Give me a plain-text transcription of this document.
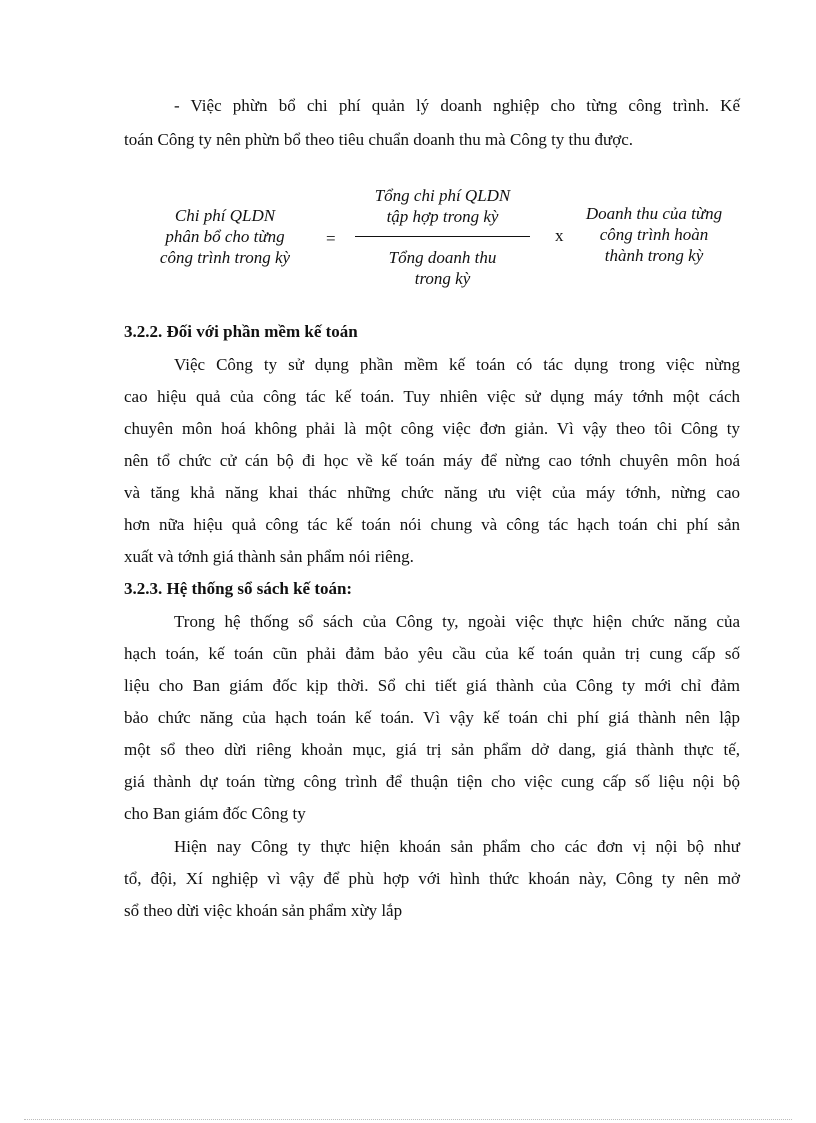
- Việc phừn bổ chi phí quản lý doanh nghiệp cho từng công trình. Kế
toán Công ty nên phừn bổ theo tiêu chuẩn doanh thu mà Công ty thu được.
Chi phí QLDN
phân bổ cho từng
công trình trong kỳ
=
Tổng chi phí QLDN
tập hợp trong kỳ
Tổng doanh thu
trong kỳ
x
Doanh thu của từng
công trình hoàn
thành trong kỳ
3.2.2. Đối với phần mềm kế toán
Việc Công ty sử dụng phần mềm kế toán có tác dụng trong việc nừng
cao hiệu quả của công tác kế toán. Tuy nhiên việc sử dụng máy tớnh một cách
chuyên môn hoá không phải là một công việc đơn giản. Vì vậy theo tôi Công ty
nên tổ chức cử cán bộ đi học về kế toán máy để nừng cao tớnh chuyên môn hoá
và tăng khả năng khai thác những chức năng ưu việt của máy tớnh, nừng cao
hơn nữa hiệu quả công tác kế toán nói chung và công tác hạch toán chi phí sản
xuất và tớnh giá thành sản phẩm nói riêng.
3.2.3. Hệ thống sổ sách kế toán:
Trong hệ thống sổ sách của Công ty, ngoài việc thực hiện chức năng của
hạch toán, kế toán cũn phải đảm bảo yêu cầu của kế toán quản trị cung cấp số
liệu cho Ban giám đốc kịp thời. Sổ chi tiết giá thành của Công ty mới chỉ đảm
bảo chức năng của hạch toán kế toán. Vì vậy kế toán chi phí giá thành nên lập
một sổ theo dừi riêng khoản mục, giá trị sản phẩm dở dang, giá thành thực tế,
giá thành dự toán từng công trình để thuận tiện cho việc cung cấp số liệu nội bộ
cho Ban giám đốc Công ty
Hiện nay Công ty thực hiện khoán sản phẩm cho các đơn vị nội bộ như
tổ, đội, Xí nghiệp vì vậy để phù hợp với hình thức khoán này, Công ty nên mở
sổ theo dừi việc khoán sản phẩm xừy lắp
